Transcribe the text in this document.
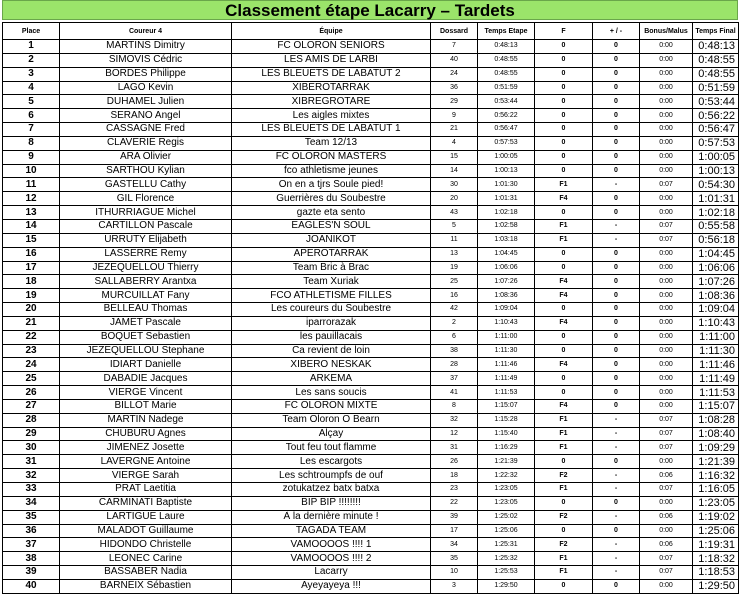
Classement étape Lacarry – Tardets
Place	Coureur 4	Équipe	Dossard	Temps Etape	F	+ / -	Bonus/Malus	Temps Final
1	MARTINS Dimitry	FC OLORON SENIORS	7	0:48:13	0	0	0:00	0:48:13
2	SIMOVIS Cédric	LES AMIS DE LARBI	40	0:48:55	0	0	0:00	0:48:55
3	BORDES Philippe	LES BLEUETS DE LABATUT 2	24	0:48:55	0	0	0:00	0:48:55
4	LAGO Kevin	XIBEROTARRAK	36	0:51:59	0	0	0:00	0:51:59
5	DUHAMEL Julien	XIBREGROTARE	29	0:53:44	0	0	0:00	0:53:44
6	SERANO Angel	Les aigles mixtes	9	0:56:22	0	0	0:00	0:56:22
7	CASSAGNE Fred	LES BLEUETS DE LABATUT 1	21	0:56:47	0	0	0:00	0:56:47
8	CLAVERIE Regis	Team 12/13	4	0:57:53	0	0	0:00	0:57:53
9	ARA Olivier	FC OLORON MASTERS	15	1:00:05	0	0	0:00	1:00:05
10	SARTHOU Kylian	fco athletisme jeunes	14	1:00:13	0	0	0:00	1:00:13
11	GASTELLU Cathy	On en a tjrs Soule pied!	30	1:01:30	F1	-	0:07	0:54:30
12	GIL Florence	Guerrières du Soubestre	20	1:01:31	F4	0	0:00	1:01:31
13	ITHURRIAGUE Michel	gazte eta sento	43	1:02:18	0	0	0:00	1:02:18
14	CARTILLON Pascale	EAGLES'N SOUL	5	1:02:58	F1	-	0:07	0:55:58
15	URRUTY Elijabeth	JOANIKOT	11	1:03:18	F1	-	0:07	0:56:18
16	LASSERRE Remy	APEROTARRAK	13	1:04:45	0	0	0:00	1:04:45
17	JEZEQUELLOU Thierry	Team Bric à Brac	19	1:06:06	0	0	0:00	1:06:06
18	SALLABERRY Arantxa	Team Xuriak	25	1:07:26	F4	0	0:00	1:07:26
19	MURCUILLAT Fany	FCO ATHLETISME FILLES	16	1:08:36	F4	0	0:00	1:08:36
20	BELLEAU Thomas	Les coureurs du Soubestre	42	1:09:04	0	0	0:00	1:09:04
21	JAMET Pascale	iparrorazak	2	1:10:43	F4	0	0:00	1:10:43
22	BOQUET Sebastien	les pauillacais	6	1:11:00	0	0	0:00	1:11:00
23	JEZEQUELLOU Stephane	Ca revient de loin	38	1:11:30	0	0	0:00	1:11:30
24	IDIART Danielle	XIBERO NESKAK	28	1:11:46	F4	0	0:00	1:11:46
25	DABADIE Jacques	ARKEMA	37	1:11:49	0	0	0:00	1:11:49
26	VIERGE Vincent	Les sans soucis	41	1:11:53	0	0	0:00	1:11:53
27	BILLOT Marie	FC OLORON MIXTE	8	1:15:07	F4	0	0:00	1:15:07
28	MARTIN Nadege	Team Oloron O Bearn	32	1:15:28	F1	-	0:07	1:08:28
29	CHUBURU Agnes	Alçay	12	1:15:40	F1	-	0:07	1:08:40
30	JIMENEZ Josette	Tout feu tout flamme	31	1:16:29	F1	-	0:07	1:09:29
31	LAVERGNE Antoine	Les escargots	26	1:21:39	0	0	0:00	1:21:39
32	VIERGE Sarah	Les schtroumpfs de ouf	18	1:22:32	F2	-	0:06	1:16:32
33	PRAT Laetitia	zotukatzez batx batxa	23	1:23:05	F1	-	0:07	1:16:05
34	CARMINATI Baptiste	BIP BIP !!!!!!!!	22	1:23:05	0	0	0:00	1:23:05
35	LARTIGUE Laure	À la dernière minute !	39	1:25:02	F2	-	0:06	1:19:02
36	MALADOT Guillaume	TAGADA TEAM	17	1:25:06	0	0	0:00	1:25:06
37	HIDONDO Christelle	VAMOOOOS !!!! 1	34	1:25:31	F2	-	0:06	1:19:31
38	LEONEC Carine	VAMOOOOS !!!! 2	35	1:25:32	F1	-	0:07	1:18:32
39	BASSABER Nadia	Lacarry	10	1:25:53	F1	-	0:07	1:18:53
40	BARNEIX Sébastien	Ayeyayeya !!!	3	1:29:50	0	0	0:00	1:29:50
